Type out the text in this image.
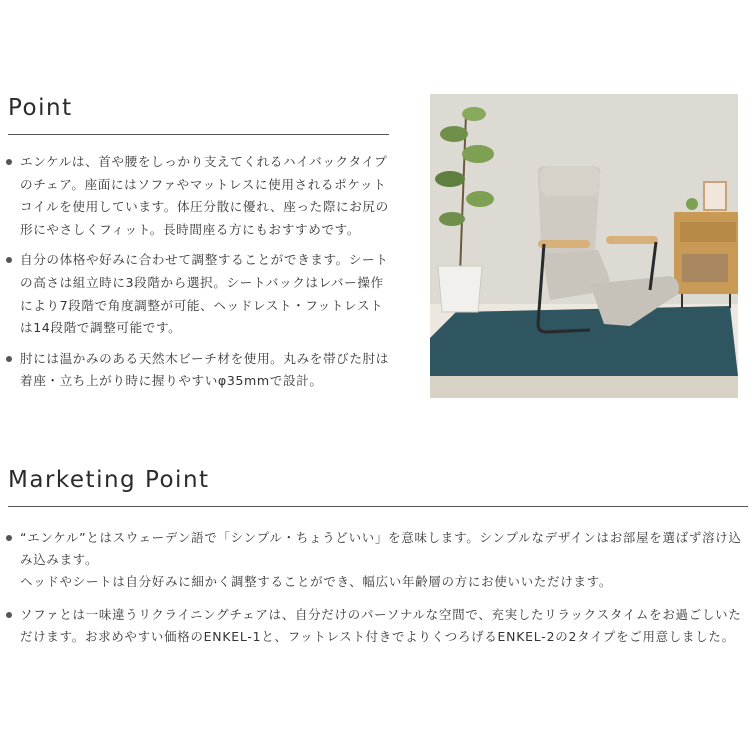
Point
エンケルは、首や腰をしっかり支えてくれるハイバックタイプのチェア。座面にはソファやマットレスに使用されるポケットコイルを使用しています。体圧分散に優れ、座った際にお尻の形にやさしくフィット。長時間座る方にもおすすめです。
自分の体格や好みに合わせて調整することができます。シートの高さは組立時に3段階から選択。シートバックはレバー操作により7段階で角度調整が可能、ヘッドレスト・フットレストは14段階で調整可能です。
肘には温かみのある天然木ビーチ材を使用。丸みを帯びた肘は着座・立ち上がり時に握りやすいφ35mmで設計。
Marketing Point
“エンケル”とはスウェーデン語で「シンプル・ちょうどいい」を意味します。シンプルなデザインはお部屋を選ばず溶け込み込みます。
ヘッドやシートは自分好みに細かく調整することができ、幅広い年齢層の方にお使いいただけます。
ソファとは一味違うリクライニングチェアは、自分だけのパーソナルな空間で、充実したリラックスタイムをお過ごしいただけます。お求めやすい価格のENKEL-1と、フットレスト付きでよりくつろげるENKEL-2の2タイプをご用意しました。
